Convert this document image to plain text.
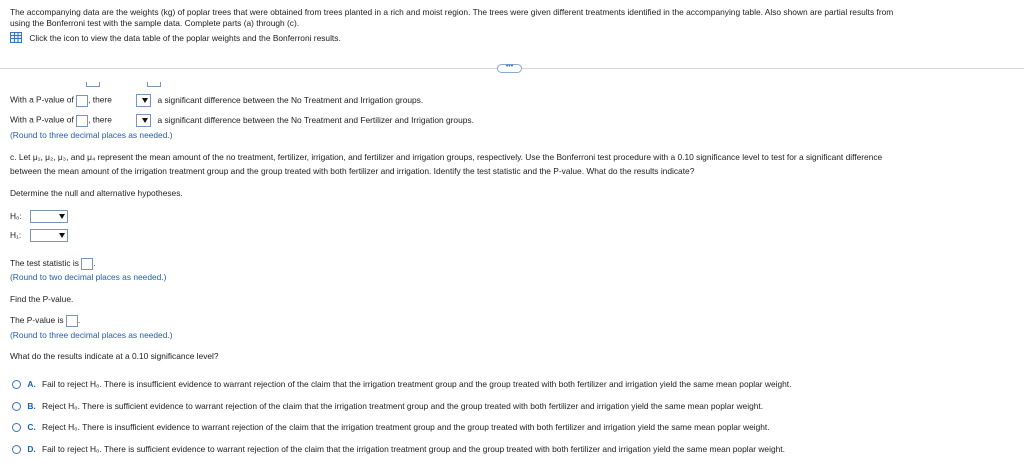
The accompanying data are the weights (kg) of poplar trees that were obtained from trees planted in a rich and moist region. The trees were given different treatments identified in the accompanying table. Also shown are partial results from
using the Bonferroni test with the sample data. Complete parts (a) through (c).
Click the icon to view the data table of the poplar weights and the Bonferroni results.
•••
With a P-value of , there	a significant difference between the No Treatment and Irrigation groups.
With a P-value of , there	a significant difference between the No Treatment and Fertilizer and Irrigation groups.
(Round to three decimal places as needed.)
c. Let μ₁, μ₂, μ₃, and μ₄ represent the mean amount of the no treatment, fertilizer, irrigation, and fertilizer and irrigation groups, respectively. Use the Bonferroni test procedure with a 0.10 significance level to test for a significant difference
between the mean amount of the irrigation treatment group and the group treated with both fertilizer and irrigation. Identify the test statistic and the P-value. What do the results indicate?
Determine the null and alternative hypotheses.
H₀:
H₁:
The test statistic is .
(Round to two decimal places as needed.)
Find the P-value.
The P-value is .
(Round to three decimal places as needed.)
What do the results indicate at a 0.10 significance level?
A. Fail to reject H₀. There is insufficient evidence to warrant rejection of the claim that the irrigation treatment group and the group treated with both fertilizer and irrigation yield the same mean poplar weight.
B. Reject H₀. There is sufficient evidence to warrant rejection of the claim that the irrigation treatment group and the group treated with both fertilizer and irrigation yield the same mean poplar weight.
C. Reject H₀. There is insufficient evidence to warrant rejection of the claim that the irrigation treatment group and the group treated with both fertilizer and irrigation yield the same mean poplar weight.
D. Fail to reject H₀. There is sufficient evidence to warrant rejection of the claim that the irrigation treatment group and the group treated with both fertilizer and irrigation yield the same mean poplar weight.
